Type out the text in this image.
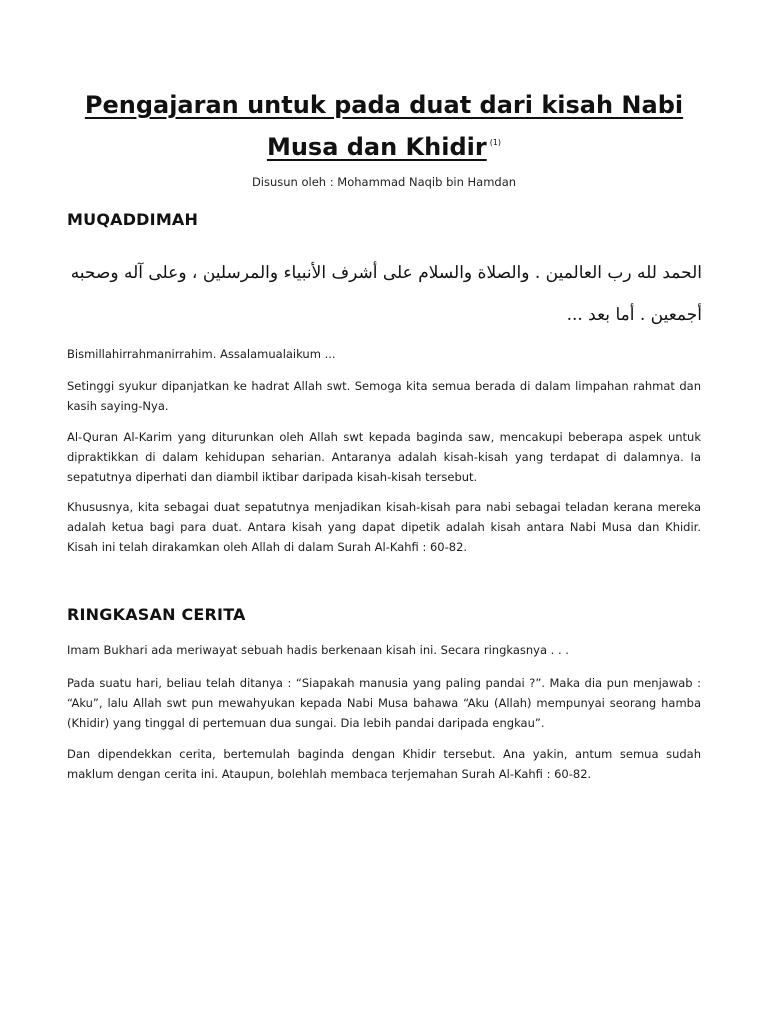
Pengajaran untuk pada duat dari kisah Nabi
Musa dan Khidir $^{(1)}$
Disusun oleh : Mohammad Naqib bin Hamdan
MUQADDIMAH
الحمد لله رب العالمين . والصلاة والسلام على أشرف الأنبياء والمرسلين ، وعلى آله وصحبه أجمعين . أما بعد ...

Bismillahirrahmanirrahim. Assalamualaikum ...

Setinggi syukur dipanjatkan ke hadrat Allah swt. Semoga kita semua berada di dalam limpahan rahmat dan kasih saying-Nya.

Al-Quran Al-Karim yang diturunkan oleh Allah swt kepada baginda saw, mencakupi beberapa aspek untuk dipraktikkan di dalam kehidupan seharian. Antaranya adalah kisah-kisah yang terdapat di dalamnya. Ia sepatutnya diperhati dan diambil iktibar daripada kisah-kisah tersebut.

Khususnya, kita sebagai duat sepatutnya menjadikan kisah-kisah para nabi sebagai teladan kerana mereka adalah ketua bagi para duat. Antara kisah yang dapat dipetik adalah kisah antara Nabi Musa dan Khidir. Kisah ini telah dirakamkan oleh Allah di dalam Surah Al-Kahfi : 60-82.

RINGKASAN CERITA

Imam Bukhari ada meriwayat sebuah hadis berkenaan kisah ini. Secara ringkasnya . . .

Pada suatu hari, beliau telah ditanya : “Siapakah manusia yang paling pandai ?”. Maka dia pun menjawab : “Aku”, lalu Allah swt pun mewahyukan kepada Nabi Musa bahawa “Aku (Allah) mempunyai seorang hamba (Khidir) yang tinggal di pertemuan dua sungai. Dia lebih pandai daripada engkau”.

Dan dipendekkan cerita, bertemulah baginda dengan Khidir tersebut. Ana yakin, antum semua sudah maklum dengan cerita ini. Ataupun, bolehlah membaca terjemahan Surah Al-Kahfi : 60-82.
